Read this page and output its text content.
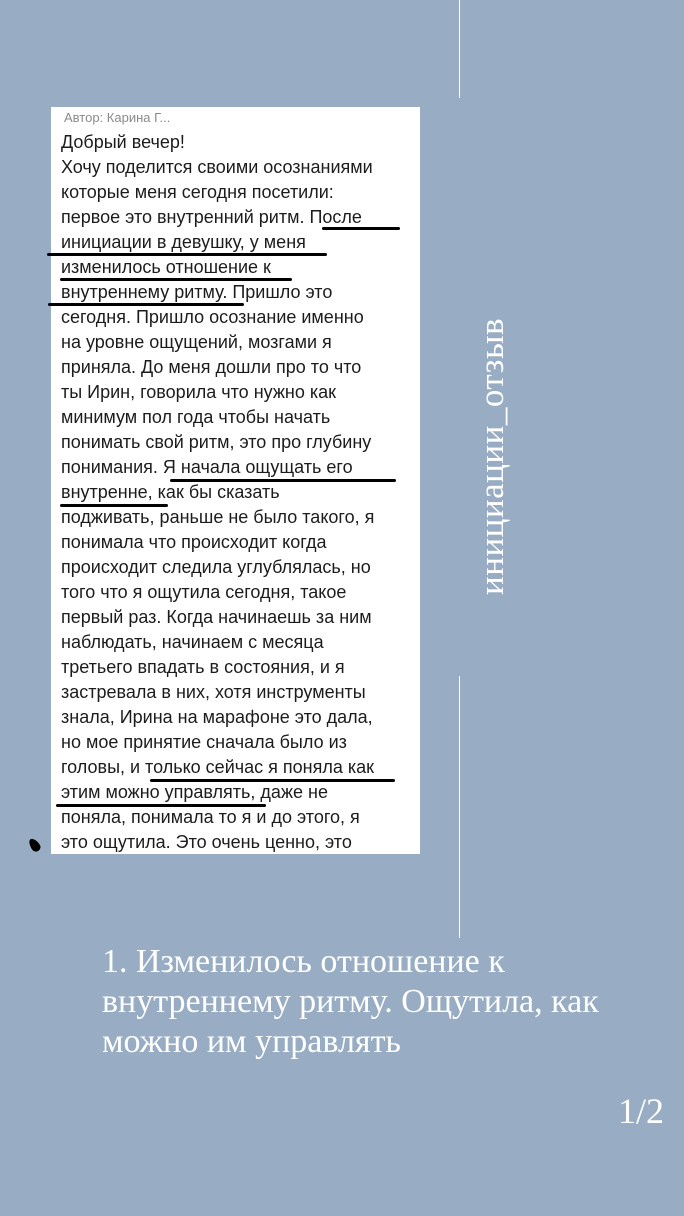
инициации_отзыв
Автор: Карина Г...
Добрый вечер!
Хочу поделится своими осознаниями
которые меня сегодня посетили:
первое это внутренний ритм. После
инициации в девушку, у меня
изменилось отношение к
внутреннему ритму. Пришло это
сегодня. Пришло осознание именно
на уровне ощущений, мозгами я
приняла. До меня дошли про то что
ты Ирин, говорила что нужно как
минимум пол года чтобы начать
понимать свой ритм, это про глубину
понимания. Я начала ощущать его
внутренне, как бы сказать
подживать, раньше не было такого, я
понимала что происходит когда
происходит следила углублялась, но
того что я ощутила сегодня, такое
первый раз. Когда начинаешь за ним
наблюдать, начинаем с месяца
третьего впадать в состояния, и я
застревала в них, хотя инструменты
знала, Ирина на марафоне это дала,
но мое принятие сначала было из
головы, и только сейчас я поняла как
этим можно управлять, даже не
поняла, понимала то я и до этого, я
это ощутила. Это очень ценно, это
1. Изменилось отношение к внутреннему ритму. Ощутила, как можно им управлять
1/2
